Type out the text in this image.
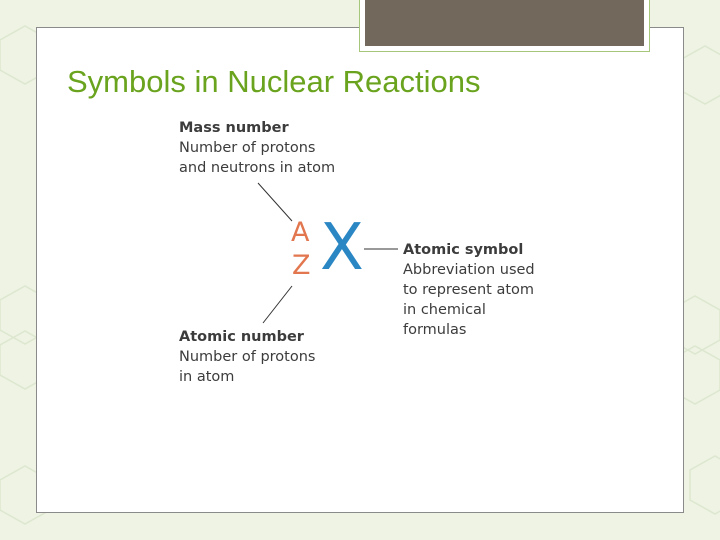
Symbols in Nuclear Reactions
Mass number
Number of protons
and neutrons in atom
Atomic number
Number of protons
in atom
Atomic symbol
Abbreviation used
to represent atom
in chemical
formulas
A
Z X
